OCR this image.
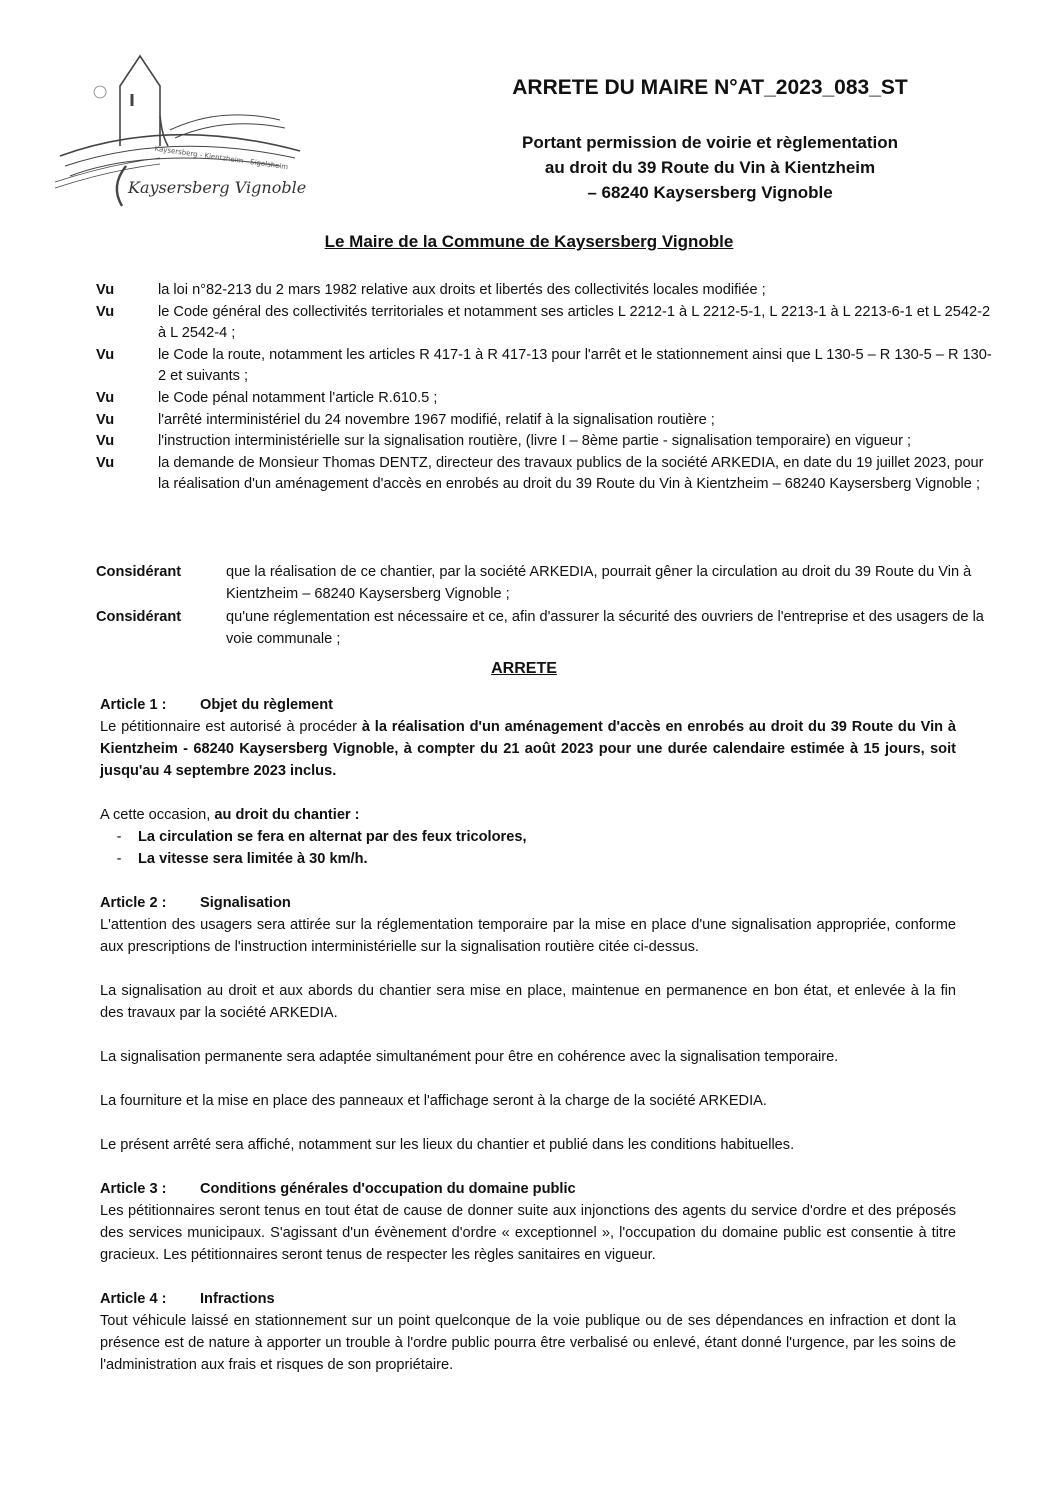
Kaysersberg - Kientzheim - Sigolsheim
Kaysersberg Vignoble
ARRETE DU MAIRE N°AT_2023_083_ST
Portant permission de voirie et règlementation
au droit du 39 Route du Vin à Kientzheim
– 68240 Kaysersberg Vignoble
Le Maire de la Commune de Kaysersberg Vignoble
Vu	la loi n°82-213 du 2 mars 1982 relative aux droits et libertés des collectivités locales modifiée ;
Vu	le Code général des collectivités territoriales et notamment ses articles L 2212-1 à L 2212-5-1, L 2213-1 à L 2213-6-1 et L 2542-2 à L 2542-4 ;
Vu	le Code la route, notamment les articles R 417-1 à R 417-13 pour l'arrêt et le stationnement ainsi que L 130-5 – R 130-5 – R 130-2 et suivants ;
Vu	le Code pénal notamment l'article R.610.5 ;
Vu	l'arrêté interministériel du 24 novembre 1967 modifié, relatif à la signalisation routière ;
Vu	l'instruction interministérielle sur la signalisation routière, (livre I – 8ème partie - signalisation temporaire) en vigueur ;
Vu	la demande de Monsieur Thomas DENTZ, directeur des travaux publics de la société ARKEDIA, en date du 19 juillet 2023, pour la réalisation d'un aménagement d'accès en enrobés au droit du 39 Route du Vin à Kientzheim – 68240 Kaysersberg Vignoble ;
Considérant	que la réalisation de ce chantier, par la société ARKEDIA, pourrait gêner la circulation au droit du 39 Route du Vin à Kientzheim – 68240 Kaysersberg Vignoble ;
Considérant	qu'une réglementation est nécessaire et ce, afin d'assurer la sécurité des ouvriers de l'entreprise et des usagers de la voie communale ;
ARRETE
Article 1 :	Objet du règlement

Le pétitionnaire est autorisé à procéder à la réalisation d'un aménagement d'accès en enrobés au droit du 39 Route du Vin à Kientzheim - 68240 Kaysersberg Vignoble, à compter du 21 août 2023 pour une durée calendaire estimée à 15 jours, soit jusqu'au 4 septembre 2023 inclus.

A cette occasion, au droit du chantier :

-	La circulation se fera en alternat par des feux tricolores,
-	La vitesse sera limitée à 30 km/h.
Article 2 :	Signalisation

L'attention des usagers sera attirée sur la réglementation temporaire par la mise en place d'une signalisation appropriée, conforme aux prescriptions de l'instruction interministérielle sur la signalisation routière citée ci-dessus.

La signalisation au droit et aux abords du chantier sera mise en place, maintenue en permanence en bon état, et enlevée à la fin des travaux par la société ARKEDIA.

La signalisation permanente sera adaptée simultanément pour être en cohérence avec la signalisation temporaire.

La fourniture et la mise en place des panneaux et l'affichage seront à la charge de la société ARKEDIA.

Le présent arrêté sera affiché, notamment sur les lieux du chantier et publié dans les conditions habituelles.

Article 3 :	Conditions générales d'occupation du domaine public

Les pétitionnaires seront tenus en tout état de cause de donner suite aux injonctions des agents du service d'ordre et des préposés des services municipaux. S'agissant d'un évènement d'ordre « exceptionnel », l'occupation du domaine public est consentie à titre gracieux. Les pétitionnaires seront tenus de respecter les règles sanitaires en vigueur.

Article 4 :	Infractions

Tout véhicule laissé en stationnement sur un point quelconque de la voie publique ou de ses dépendances en infraction et dont la présence est de nature à apporter un trouble à l'ordre public pourra être verbalisé ou enlevé, étant donné l'urgence, par les soins de l'administration aux frais et risques de son propriétaire.
